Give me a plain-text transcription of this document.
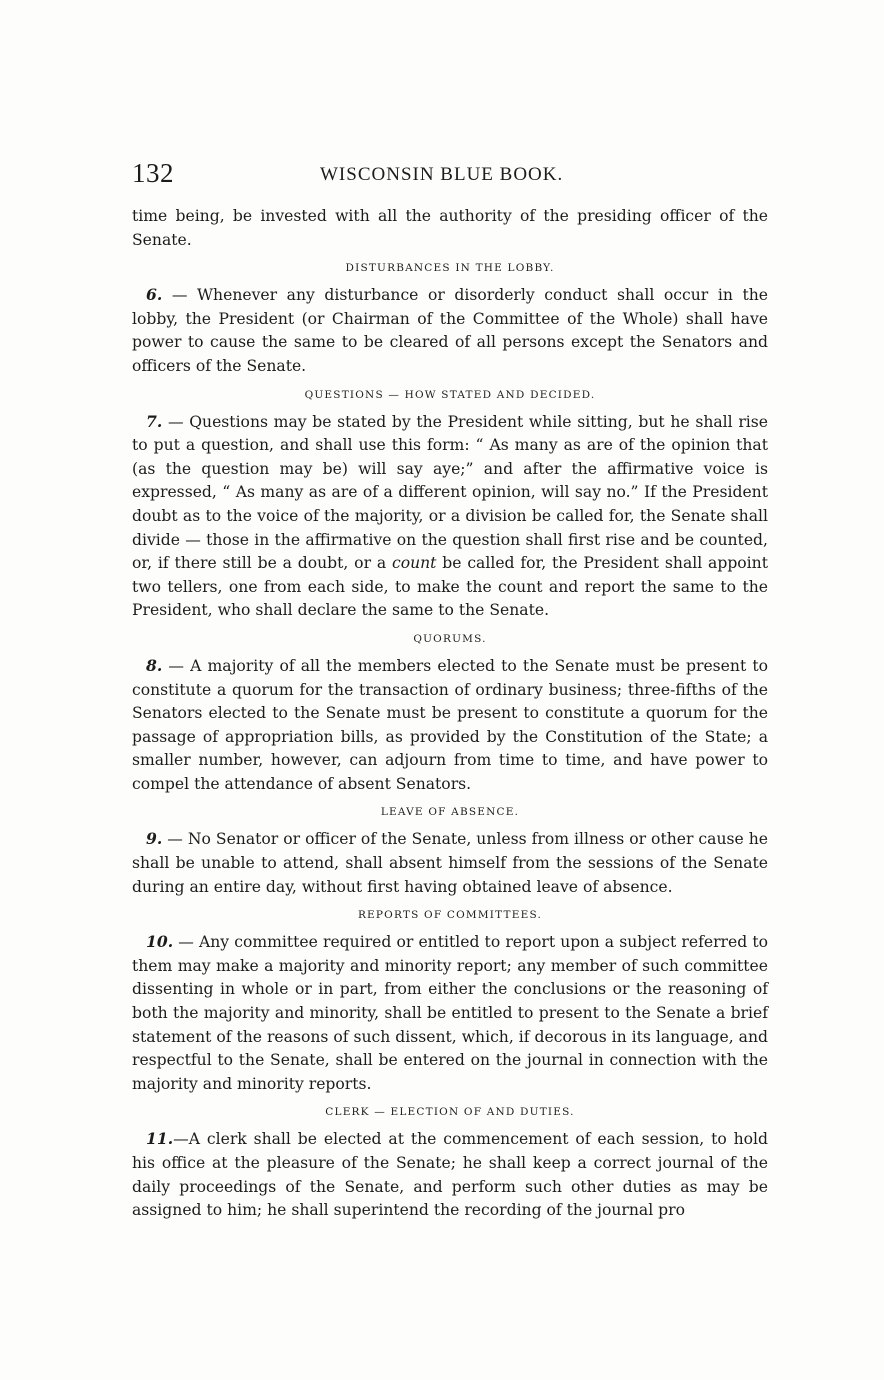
132	WISCONSIN BLUE BOOK.

time being, be invested with all the authority of the presiding officer of the Senate.

DISTURBANCES IN THE LOBBY.

6. — Whenever any disturbance or disorderly conduct shall occur in the lobby, the President (or Chairman of the Committee of the Whole) shall have power to cause the same to be cleared of all persons except the Senators and officers of the Senate.

QUESTIONS — HOW STATED AND DECIDED.

7. — Questions may be stated by the President while sitting, but he shall rise to put a question, and shall use this form: “ As many as are of the opinion that (as the question may be) will say aye;” and after the affirmative voice is expressed, “ As many as are of a different opinion, will say no.” If the President doubt as to the voice of the majority, or a division be called for, the Senate shall divide — those in the affirmative on the question shall first rise and be counted, or, if there still be a doubt, or a count be called for, the President shall appoint two tellers, one from each side, to make the count and report the same to the President, who shall declare the same to the Senate.

QUORUMS.

8. — A majority of all the members elected to the Senate must be present to constitute a quorum for the transaction of ordinary business; three-fifths of the Senators elected to the Senate must be present to constitute a quorum for the passage of appropriation bills, as provided by the Constitution of the State; a smaller number, however, can adjourn from time to time, and have power to compel the attendance of absent Senators.

LEAVE OF ABSENCE.

9. — No Senator or officer of the Senate, unless from illness or other cause he shall be unable to attend, shall absent himself from the sessions of the Senate during an entire day, without first having obtained leave of absence.

REPORTS OF COMMITTEES.

10. — Any committee required or entitled to report upon a subject referred to them may make a majority and minority report; any member of such committee dissenting in whole or in part, from either the conclusions or the reasoning of both the majority and minority, shall be entitled to present to the Senate a brief statement of the reasons of such dissent, which, if decorous in its language, and respectful to the Senate, shall be entered on the journal in connection with the majority and minority reports.

CLERK — ELECTION OF AND DUTIES.

11.—A clerk shall be elected at the commencement of each session, to hold his office at the pleasure of the Senate; he shall keep a correct journal of the daily proceedings of the Senate, and perform such other duties as may be assigned to him; he shall superintend the recording of the journal pro
